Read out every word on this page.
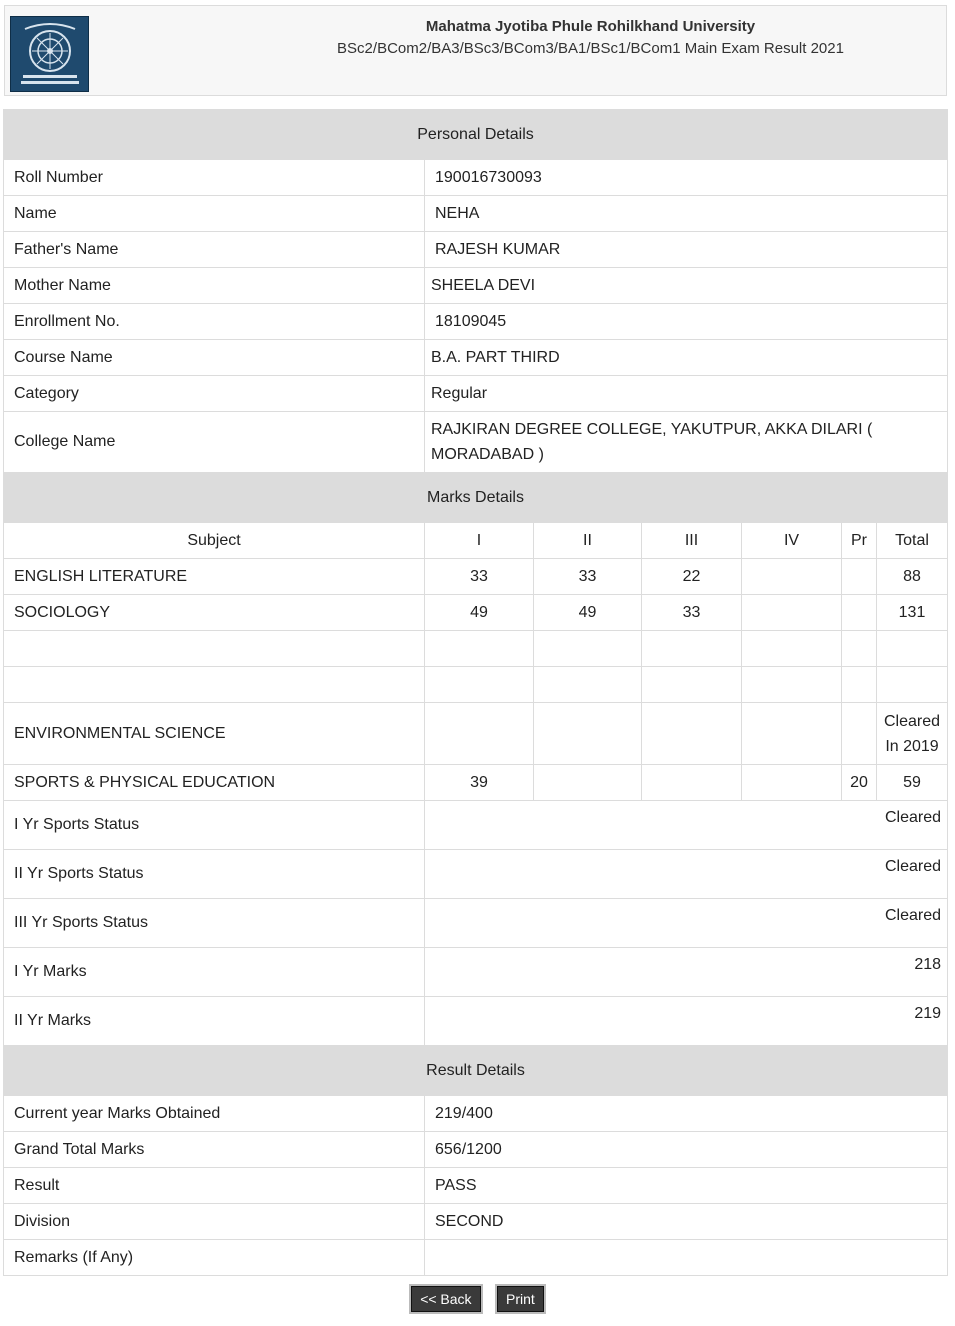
Mahatma Jyotiba Phule Rohilkhand University
BSc2/BCom2/BA3/BSc3/BCom3/BA1/BSc1/BCom1 Main Exam Result 2021
Personal Details						
Roll Number	190016730093					
Name	NEHA					
Father's Name	RAJESH KUMAR					
Mother Name	SHEELA DEVI					
Enrollment No.	18109045					
Course Name	B.A. PART THIRD					
Category	Regular					
College Name	RAJKIRAN DEGREE COLLEGE, YAKUTPUR, AKKA DILARI ( MORADABAD )					
Marks Details						
Subject	I	II	III	IV	Pr	Total
ENGLISH LITERATURE	33	33	22			88
SOCIOLOGY	49	49	33			131

ENVIRONMENTAL SCIENCE						Cleared In 2019
SPORTS & PHYSICAL EDUCATION	39				20	59
I Yr Sports Status	Cleared					
II Yr Sports Status	Cleared					
III Yr Sports Status	Cleared					
I Yr Marks	218					
II Yr Marks	219					
Result Details						
Current year Marks Obtained	219/400					
Grand Total Marks	656/1200					
Result	PASS					
Division	SECOND					
Remarks (If Any)						
<< Back Print
